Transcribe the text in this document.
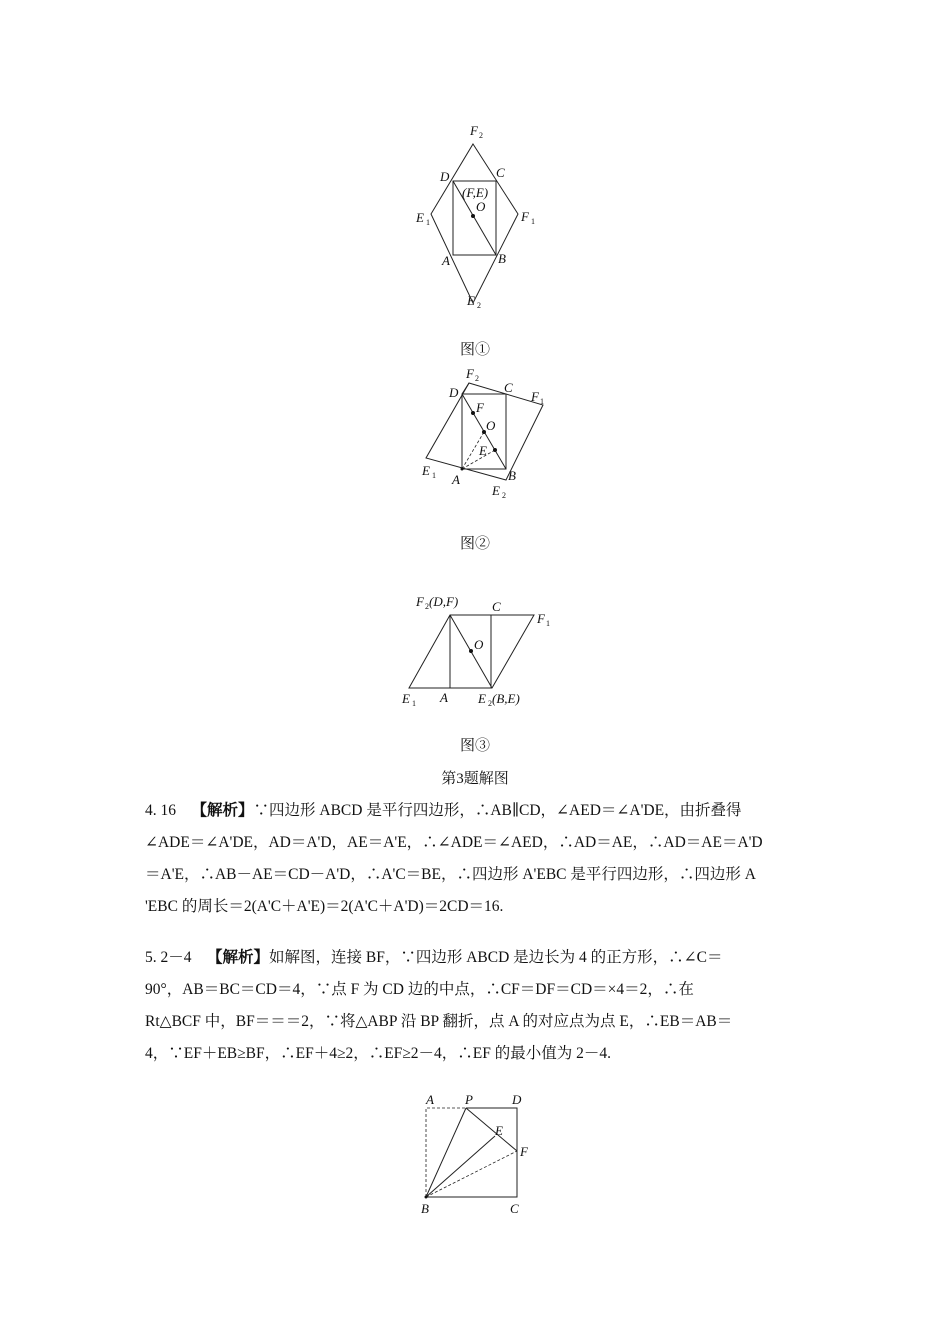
F 2
D	C
(F,E)
O
E 1	F 1
A	B
E 2
图①
F 2
D	C
F 1
F
O
E
E 1 A	B
E 2
图②
F 2 (D,F)	C
F 1
O
E 1 A E 2 (B,E)
图③
第3题解图
4. 16 【解析】∵四边形 ABCD 是平行四边形，∴AB∥CD，∠AED＝∠A'DE，由折叠得
∠ADE＝∠A'DE，AD＝A'D，AE＝A'E，∴∠ADE＝∠AED，∴AD＝AE，∴AD＝AE＝A'D
＝A'E，∴AB－AE＝CD－A'D，∴A'C＝BE，∴四边形 A'EBC 是平行四边形，∴四边形 A
'EBC 的周长＝2(A'C＋A'E)＝2(A'C＋A'D)＝2CD＝16.
5. 2－4 【解析】如解图，连接 BF，∵四边形 ABCD 是边长为 4 的正方形，∴∠C＝
90°，AB＝BC＝CD＝4，∵点 F 为 CD 边的中点，∴CF＝DF＝CD＝×4＝2，∴在
Rt△BCF 中，BF＝＝＝2，∵将△ABP 沿 BP 翻折，点 A 的对应点为点 E，∴EB＝AB＝
4，∵EF＋EB≥BF，∴EF＋4≥2，∴EF≥2－4，∴EF 的最小值为 2－4.
A P	D
E
F
B	C
